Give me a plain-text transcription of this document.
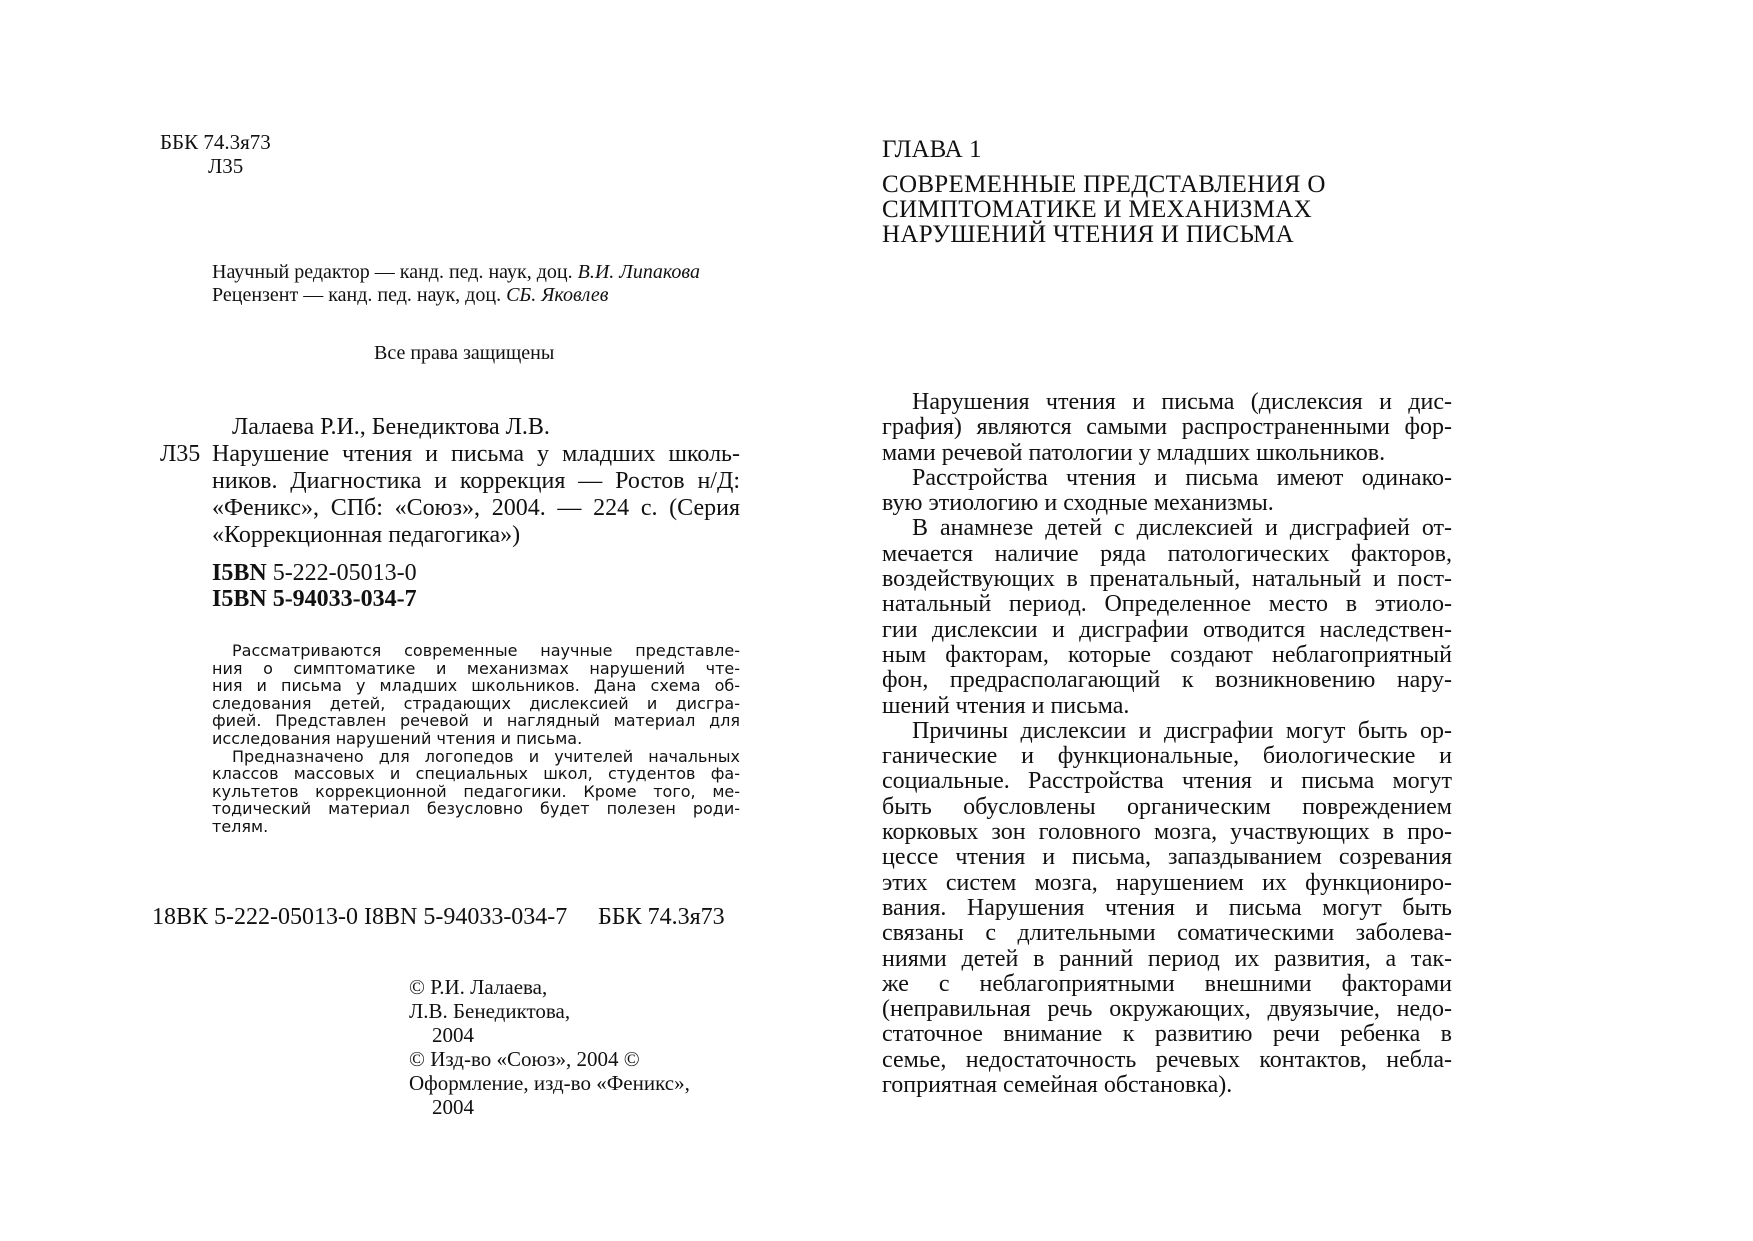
ББК 74.3я73

Л35

Научный редактор — канд. пед. наук, доц. В.И. Липакова

Рецензент — канд. пед. наук, доц. СБ. Яковлев

Все права защищены

Лалаева Р.И., Бенедиктова Л.В.

Л35 Нарушение чтения и письма у младших школь-
ников. Диагностика и коррекция — Ростов н/Д:
«Феникс», СПб: «Союз», 2004. — 224 с. (Серия
«Коррекционная педагогика»)

I5BN 5-222-05013-0

I5BN 5-94033-034-7

Рассматриваются современные научные представле-
ния о симптоматике и механизмах нарушений чте-
ния и письма у младших школьников. Дана схема об-
следования детей, страдающих дислексией и дисгра-
фией. Представлен речевой и наглядный материал для
исследования нарушений чтения и письма.
Предназначено для логопедов и учителей начальных
классов массовых и специальных школ, студентов фа-
культетов коррекционной педагогики. Кроме того, ме-
тодический материал безусловно будет полезен роди-
телям.

18ВК 5-222-05013-0 I8BN 5-94033-034-7 ББК 74.3я73

© Р.И. Лалаева,

Л.В. Бенедиктова,

2004

© Изд-во «Союз», 2004 ©

Оформление, изд-во «Феникс»,

2004

ГЛАВА 1

СОВРЕМЕННЫЕ ПРЕДСТАВЛЕНИЯ О
СИМПТОМАТИКЕ И МЕХАНИЗМАХ
НАРУШЕНИЙ ЧТЕНИЯ И ПИСЬМА
Нарушения чтения и письма (дислексия и дис-
графия) являются самыми распространенными фор-
мами речевой патологии у младших школьников.
Расстройства чтения и письма имеют одинако-
вую этиологию и сходные механизмы.
В анамнезе детей с дислексией и дисграфией от-
мечается наличие ряда патологических факторов,
воздействующих в пренатальный, натальный и пост-
натальный период. Определенное место в этиоло-
гии дислексии и дисграфии отводится наследствен-
ным факторам, которые создают неблагоприятный
фон, предрасполагающий к возникновению нару-
шений чтения и письма.
Причины дислексии и дисграфии могут быть ор-
ганические и функциональные, биологические и
социальные. Расстройства чтения и письма могут
быть обусловлены органическим повреждением
корковых зон головного мозга, участвующих в про-
цессе чтения и письма, запаздыванием созревания
этих систем мозга, нарушением их функциониро-
вания. Нарушения чтения и письма могут быть
связаны с длительными соматическими заболева-
ниями детей в ранний период их развития, а так-
же с неблагоприятными внешними факторами
(неправильная речь окружающих, двуязычие, недо-
статочное внимание к развитию речи ребенка в
семье, недостаточность речевых контактов, небла-
гоприятная семейная обстановка).
